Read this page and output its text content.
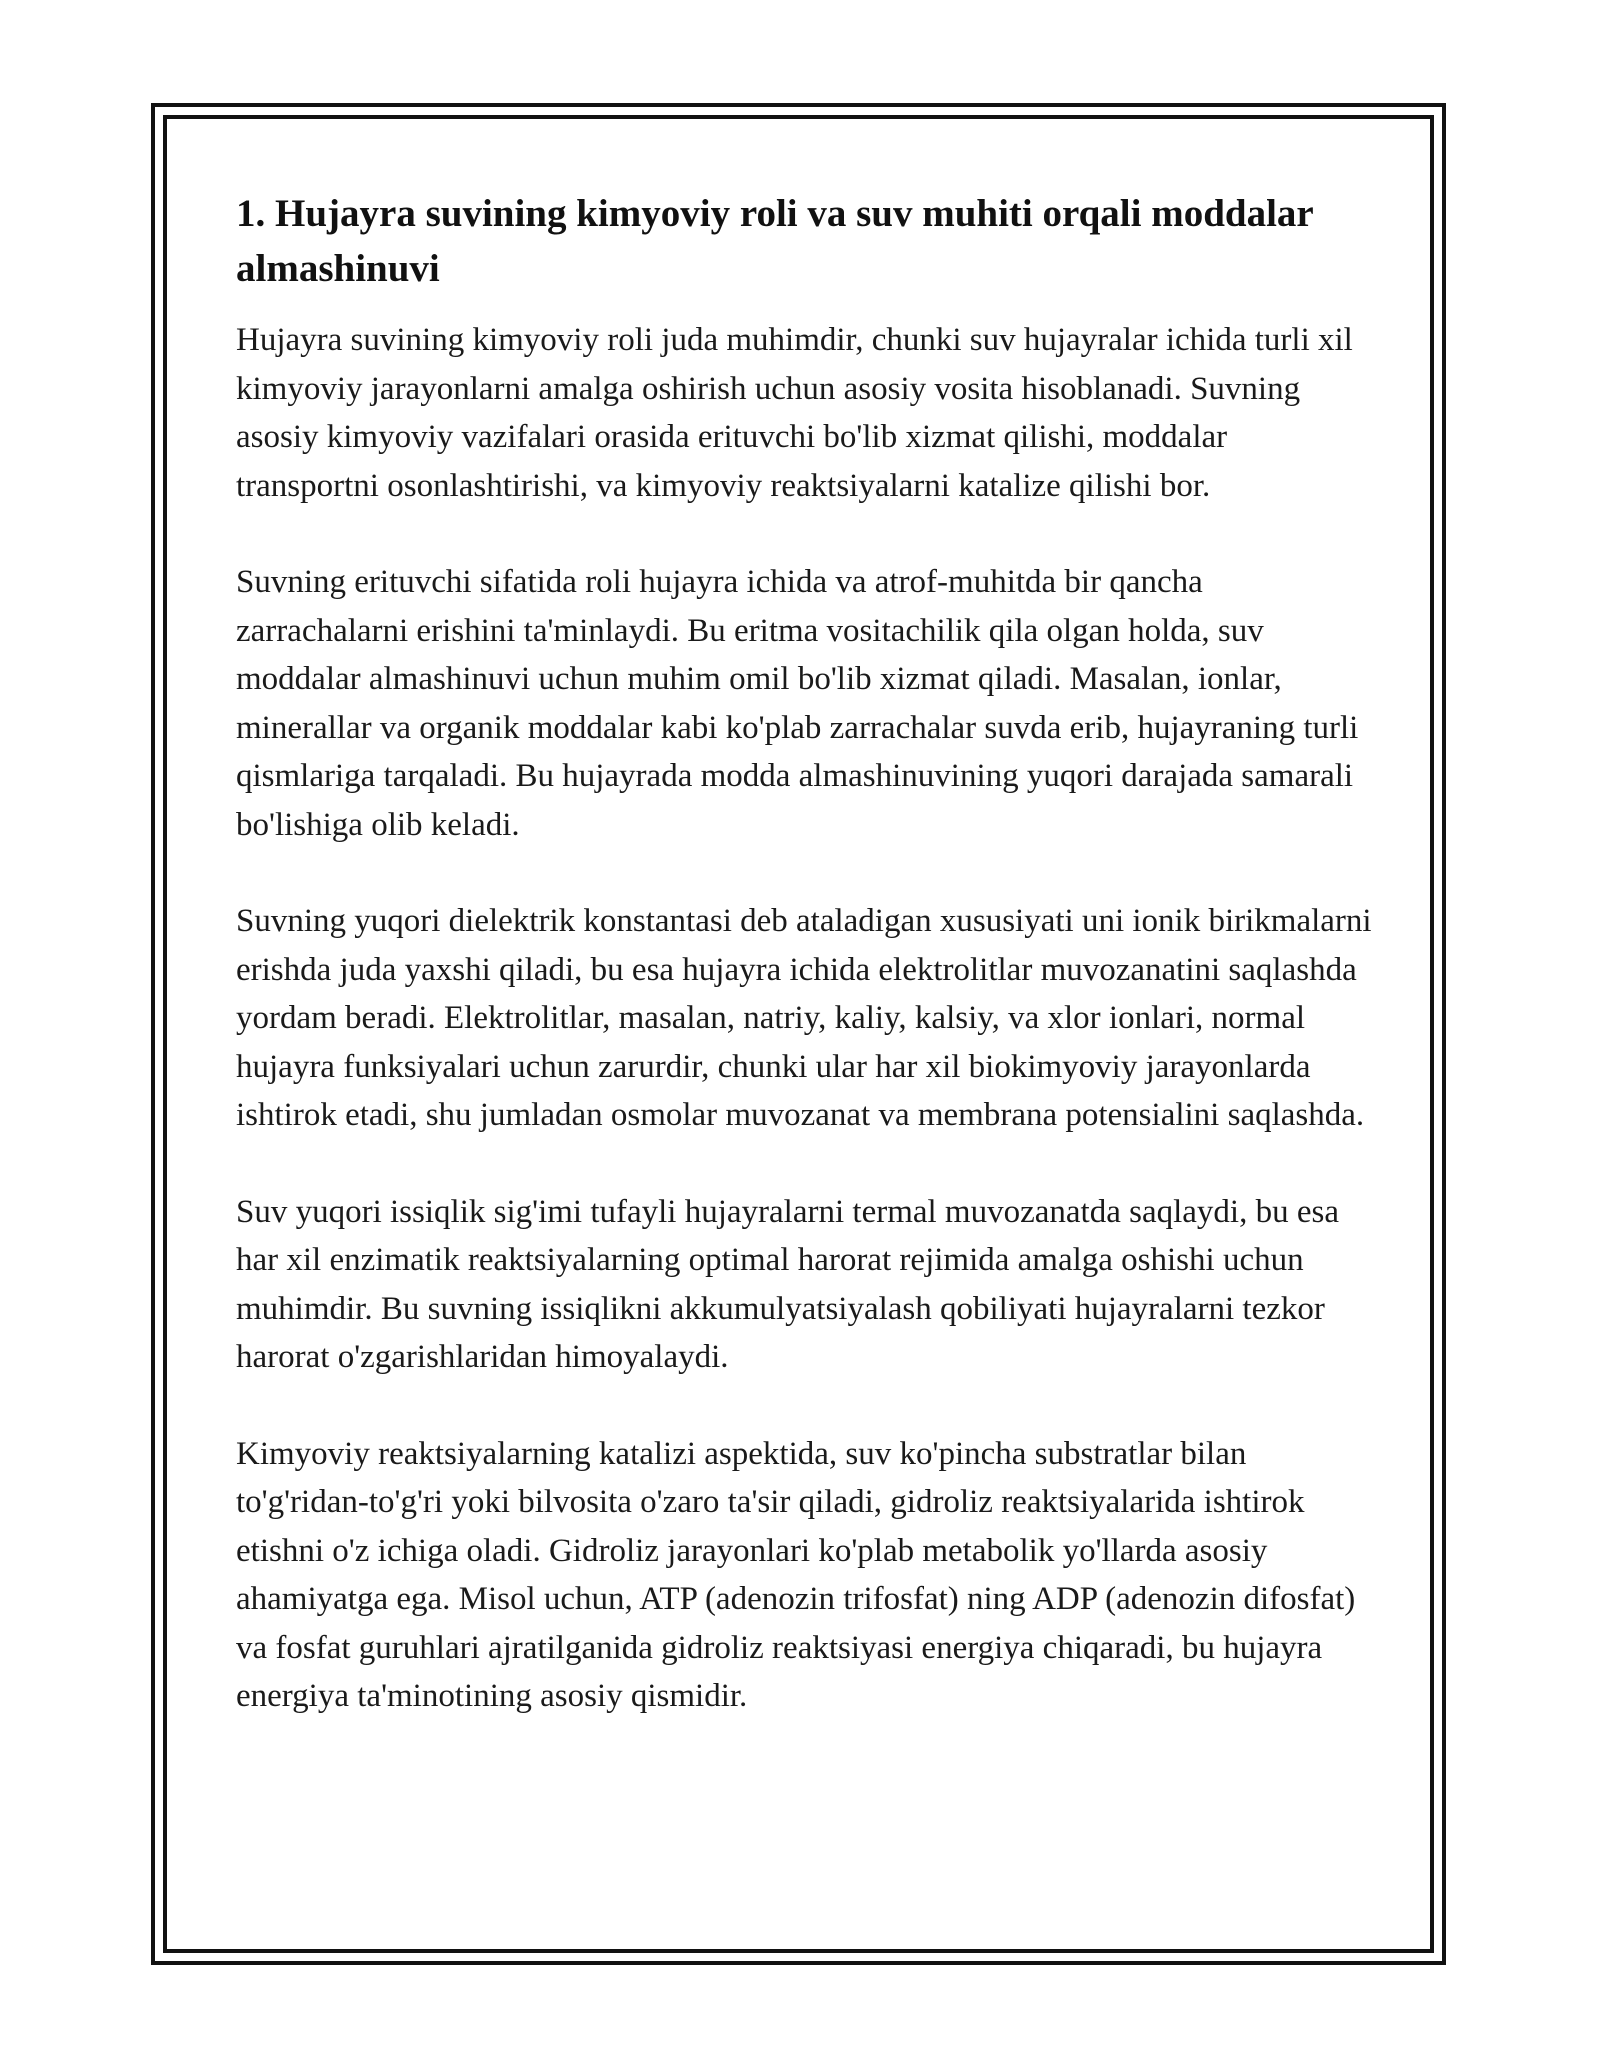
1. Hujayra suvining kimyoviy roli va suv muhiti orqali moddalar almashinuvi

Hujayra suvining kimyoviy roli juda muhimdir, chunki suv hujayralar ichida turli xil kimyoviy jarayonlarni amalga oshirish uchun asosiy vosita hisoblanadi. Suvning asosiy kimyoviy vazifalari orasida erituvchi bo'lib xizmat qilishi, moddalar transportni osonlashtirishi, va kimyoviy reaktsiyalarni katalize qilishi bor.

Suvning erituvchi sifatida roli hujayra ichida va atrof-muhitda bir qancha zarrachalarni erishini ta'minlaydi. Bu eritma vositachilik qila olgan holda, suv moddalar almashinuvi uchun muhim omil bo'lib xizmat qiladi. Masalan, ionlar, minerallar va organik moddalar kabi ko'plab zarrachalar suvda erib, hujayraning turli qismlariga tarqaladi. Bu hujayrada modda almashinuvining yuqori darajada samarali bo'lishiga olib keladi.

Suvning yuqori dielektrik konstantasi deb ataladigan xususiyati uni ionik birikmalarni erishda juda yaxshi qiladi, bu esa hujayra ichida elektrolitlar muvozanatini saqlashda yordam beradi. Elektrolitlar, masalan, natriy, kaliy, kalsiy, va xlor ionlari, normal hujayra funksiyalari uchun zarurdir, chunki ular har xil biokimyoviy jarayonlarda ishtirok etadi, shu jumladan osmolar muvozanat va membrana potensialini saqlashda.

Suv yuqori issiqlik sig'imi tufayli hujayralarni termal muvozanatda saqlaydi, bu esa har xil enzimatik reaktsiyalarning optimal harorat rejimida amalga oshishi uchun muhimdir. Bu suvning issiqlikni akkumulyatsiyalash qobiliyati hujayralarni tezkor harorat o'zgarishlaridan himoyalaydi.

Kimyoviy reaktsiyalarning katalizi aspektida, suv ko'pincha substratlar bilan to'g'ridan-to'g'ri yoki bilvosita o'zaro ta'sir qiladi, gidroliz reaktsiyalarida ishtirok etishni o'z ichiga oladi. Gidroliz jarayonlari ko'plab metabolik yo'llarda asosiy ahamiyatga ega. Misol uchun, ATP (adenozin trifosfat) ning ADP (adenozin difosfat) va fosfat guruhlari ajratilganida gidroliz reaktsiyasi energiya chiqaradi, bu hujayra energiya ta'minotining asosiy qismidir.
